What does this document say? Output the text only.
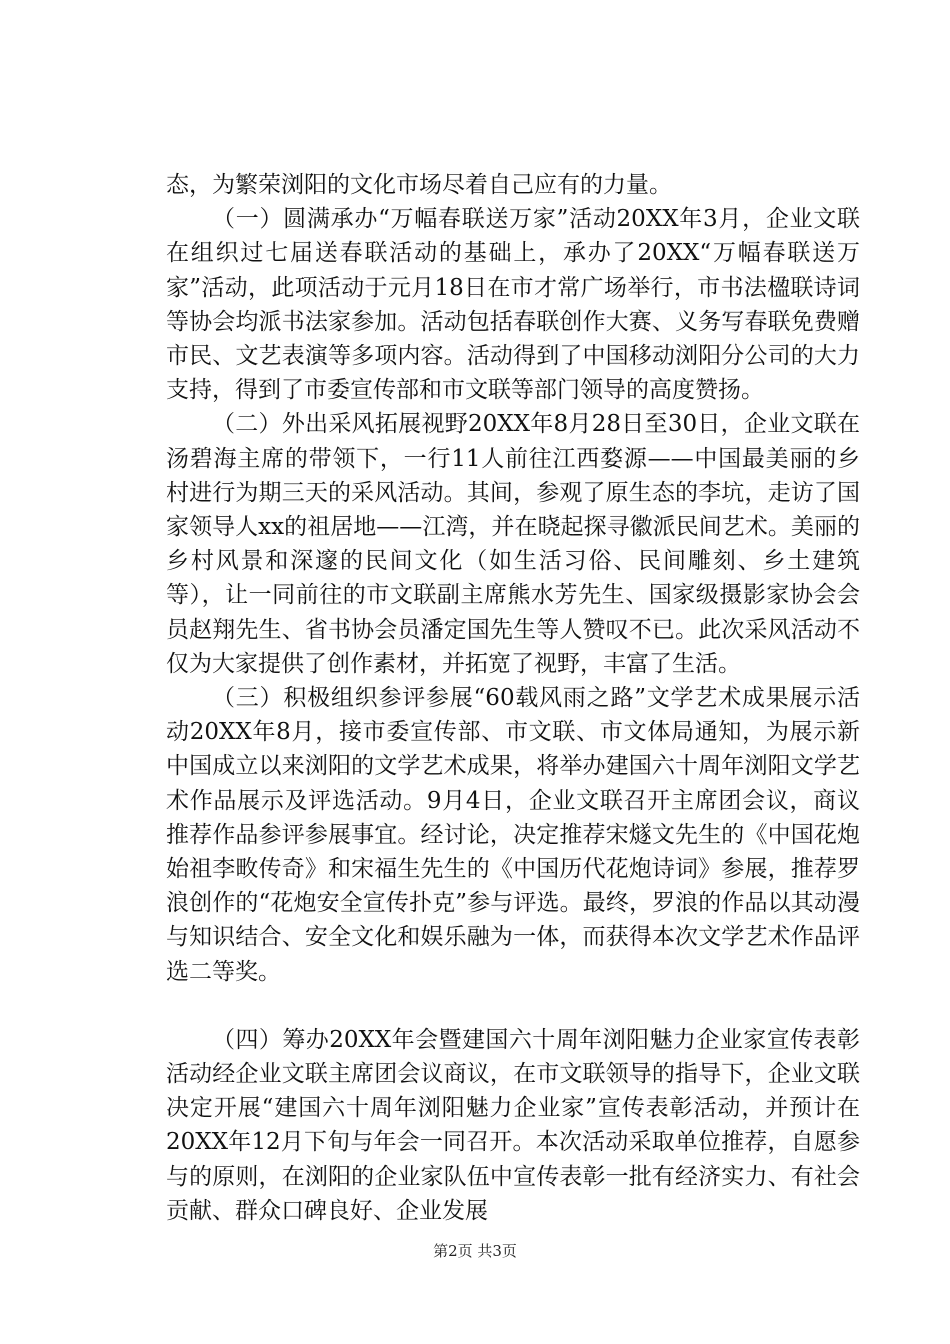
态，为繁荣浏阳的文化市场尽着自己应有的力量。

（一）圆满承办“万幅春联送万家”活动20XX年3月，企业文联在组织过七届送春联活动的基础上，承办了20XX“万幅春联送万家”活动，此项活动于元月18日在市才常广场举行，市书法楹联诗词等协会均派书法家参加。活动包括春联创作大赛、义务写春联免费赠市民、文艺表演等多项内容。活动得到了中国移动浏阳分公司的大力支持，得到了市委宣传部和市文联等部门领导的高度赞扬。

（二）外出采风拓展视野20XX年8月28日至30日，企业文联在汤碧海主席的带领下，一行11人前往江西婺源——中国最美丽的乡村进行为期三天的采风活动。其间，参观了原生态的李坑，走访了国家领导人xx的祖居地——江湾，并在晓起探寻徽派民间艺术。美丽的乡村风景和深邃的民间文化（如生活习俗、民间雕刻、乡土建筑等），让一同前往的市文联副主席熊水芳先生、国家级摄影家协会会员赵翔先生、省书协会员潘定国先生等人赞叹不已。此次采风活动不仅为大家提供了创作素材，并拓宽了视野，丰富了生活。

（三）积极组织参评参展“60载风雨之路”文学艺术成果展示活动20XX年8月，接市委宣传部、市文联、市文体局通知，为展示新中国成立以来浏阳的文学艺术成果，将举办建国六十周年浏阳文学艺术作品展示及评选活动。9月4日，企业文联召开主席团会议，商议推荐作品参评参展事宜。经讨论，决定推荐宋燧文先生的《中国花炮始祖李畋传奇》和宋福生先生的《中国历代花炮诗词》参展，推荐罗浪创作的“花炮安全宣传扑克”参与评选。最终，罗浪的作品以其动漫与知识结合、安全文化和娱乐融为一体，而获得本次文学艺术作品评选二等奖。

（四）筹办20XX年会暨建国六十周年浏阳魅力企业家宣传表彰活动经企业文联主席团会议商议，在市文联领导的指导下，企业文联决定开展“建国六十周年浏阳魅力企业家”宣传表彰活动，并预计在20XX年12月下旬与年会一同召开。本次活动采取单位推荐，自愿参与的原则，在浏阳的企业家队伍中宣传表彰一批有经济实力、有社会贡献、群众口碑良好、企业发展

第2页 共3页
